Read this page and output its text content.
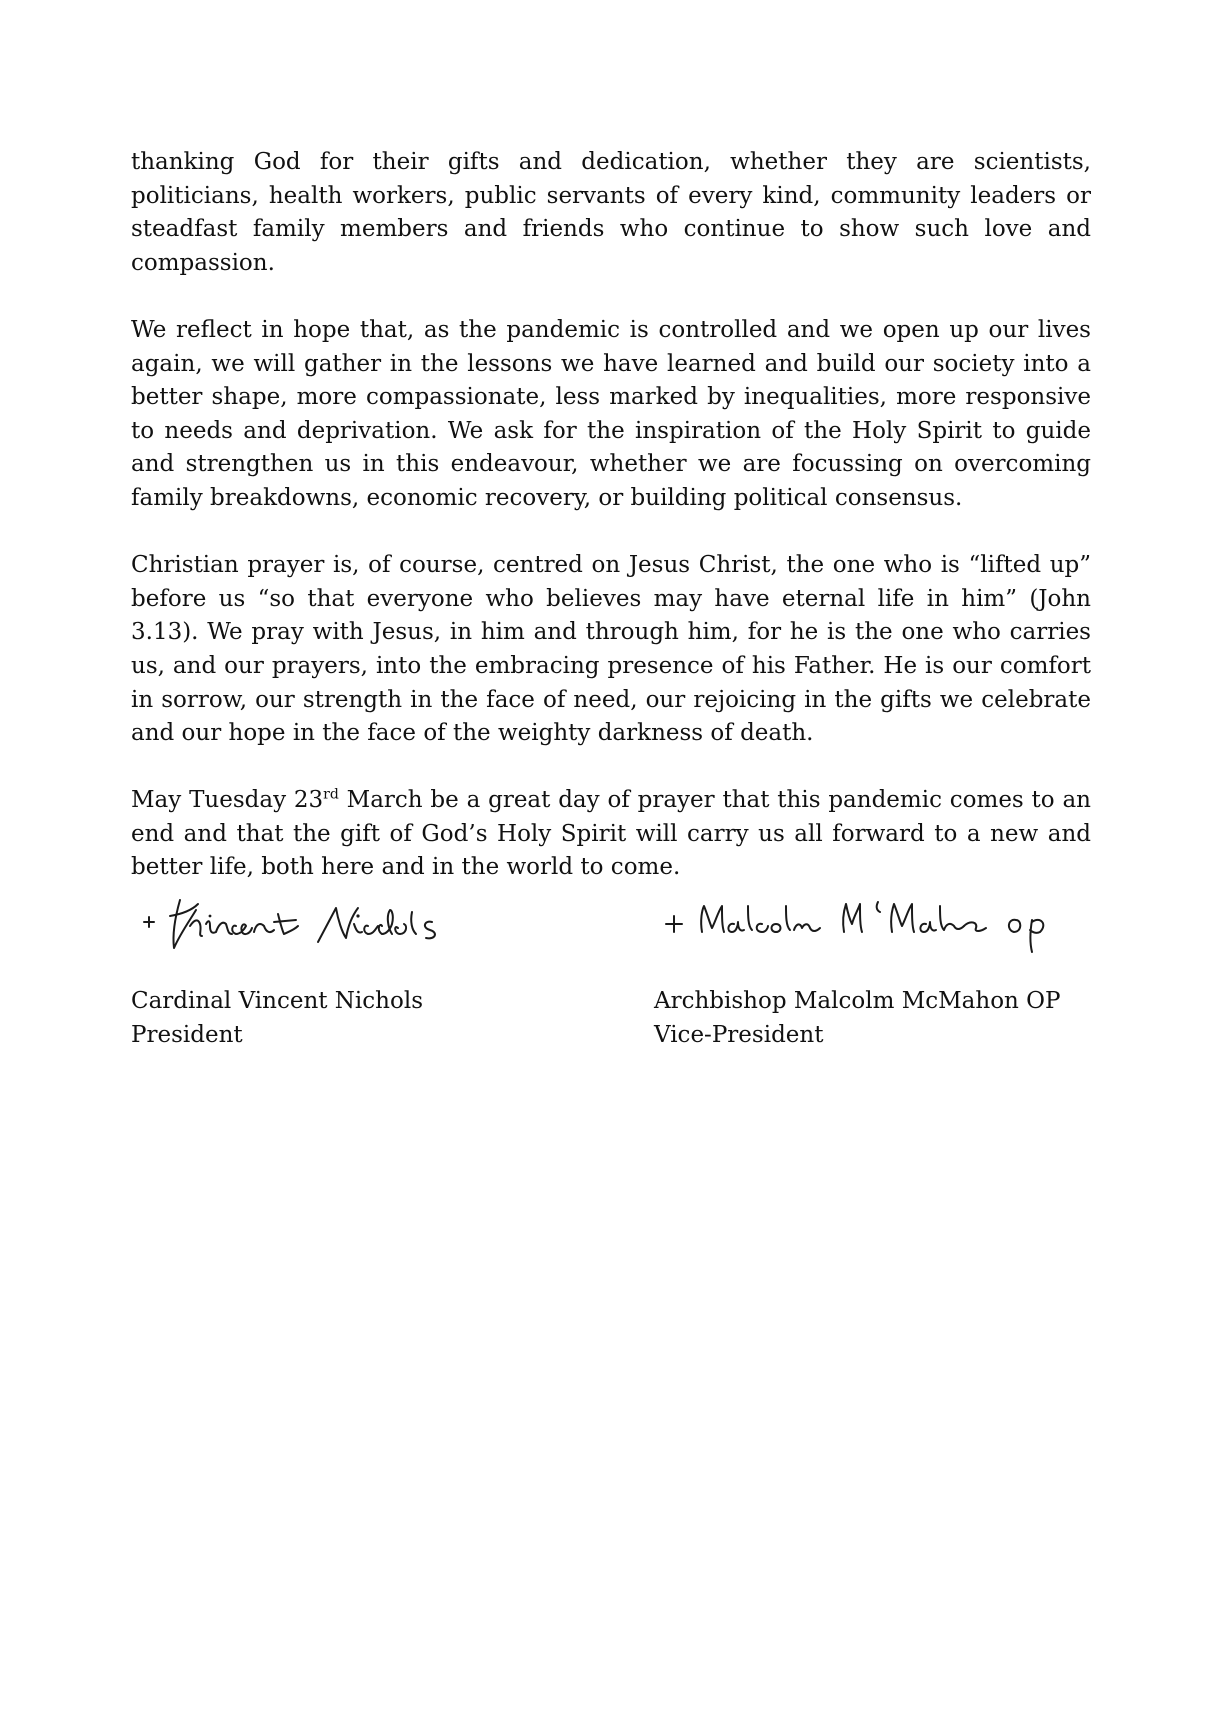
thanking God for their gifts and dedication, whether they are scientists, politicians, health workers, public servants of every kind, community leaders or steadfast family members and friends who continue to show such love and compassion.

We reflect in hope that, as the pandemic is controlled and we open up our lives again, we will gather in the lessons we have learned and build our society into a better shape, more compassionate, less marked by inequalities, more responsive to needs and deprivation. We ask for the inspiration of the Holy Spirit to guide and strengthen us in this endeavour, whether we are focussing on overcoming family breakdowns, economic recovery, or building political consensus.

Christian prayer is, of course, centred on Jesus Christ, the one who is “lifted up” before us “so that everyone who believes may have eternal life in him” (John 3.13). We pray with Jesus, in him and through him, for he is the one who carries us, and our prayers, into the embracing presence of his Father. He is our comfort in sorrow, our strength in the face of need, our rejoicing in the gifts we celebrate and our hope in the face of the weighty darkness of death.

May Tuesday 23rd March be a great day of prayer that this pandemic comes to an end and that the gift of God’s Holy Spirit will carry us all forward to a new and better life, both here and in the world to come.

Cardinal Vincent Nichols
President
Archbishop Malcolm McMahon OP
Vice-President
